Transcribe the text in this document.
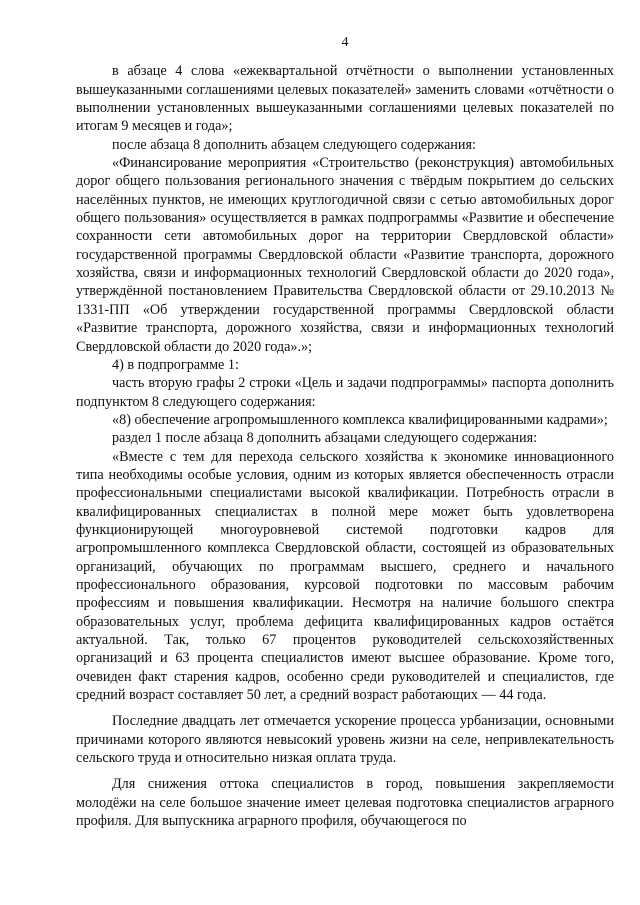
4

в абзаце 4 слова «ежеквартальной отчётности о выполнении установленных вышеуказанными соглашениями целевых показателей» заменить словами «отчётности о выполнении установленных вышеуказанными соглашениями целевых показателей по итогам 9 месяцев и года»;

после абзаца 8 дополнить абзацем следующего содержания:

«Финансирование мероприятия «Строительство (реконструкция) автомобильных дорог общего пользования регионального значения с твёрдым покрытием до сельских населённых пунктов, не имеющих круглогодичной связи с сетью автомобильных дорог общего пользования» осуществляется в рамках подпрограммы «Развитие и обеспечение сохранности сети автомобильных дорог на территории Свердловской области» государственной программы Свердловской области «Развитие транспорта, дорожного хозяйства, связи и информационных технологий Свердловской области до 2020 года», утверждённой постановлением Правительства Свердловской области от 29.10.2013 № 1331-ПП «Об утверждении государственной программы Свердловской области «Развитие транспорта, дорожного хозяйства, связи и информационных технологий Свердловской области до 2020 года».»;

4) в подпрограмме 1:

часть вторую графы 2 строки «Цель и задачи подпрограммы» паспорта дополнить подпунктом 8 следующего содержания:

«8) обеспечение агропромышленного комплекса квалифицированными кадрами»;

раздел 1 после абзаца 8 дополнить абзацами следующего содержания:

«Вместе с тем для перехода сельского хозяйства к экономике инновационного типа необходимы особые условия, одним из которых является обеспеченность отрасли профессиональными специалистами высокой квалификации. Потребность отрасли в квалифицированных специалистах в полной мере может быть удовлетворена функционирующей многоуровневой системой подготовки кадров для агропромышленного комплекса Свердловской области, состоящей из образовательных организаций, обучающих по программам высшего, среднего и начального профессионального образования, курсовой подготовки по массовым рабочим профессиям и повышения квалификации. Несмотря на наличие большого спектра образовательных услуг, проблема дефицита квалифицированных кадров остаётся актуальной. Так, только 67 процентов руководителей сельскохозяйственных организаций и 63 процента специалистов имеют высшее образование. Кроме того, очевиден факт старения кадров, особенно среди руководителей и специалистов, где средний возраст составляет 50 лет, а средний возраст работающих — 44 года.

Последние двадцать лет отмечается ускорение процесса урбанизации, основными причинами которого являются невысокий уровень жизни на селе, непривлекательность сельского труда и относительно низкая оплата труда.

Для снижения оттока специалистов в город, повышения закрепляемости молодёжи на селе большое значение имеет целевая подготовка специалистов аграрного профиля. Для выпускника аграрного профиля, обучающегося по
